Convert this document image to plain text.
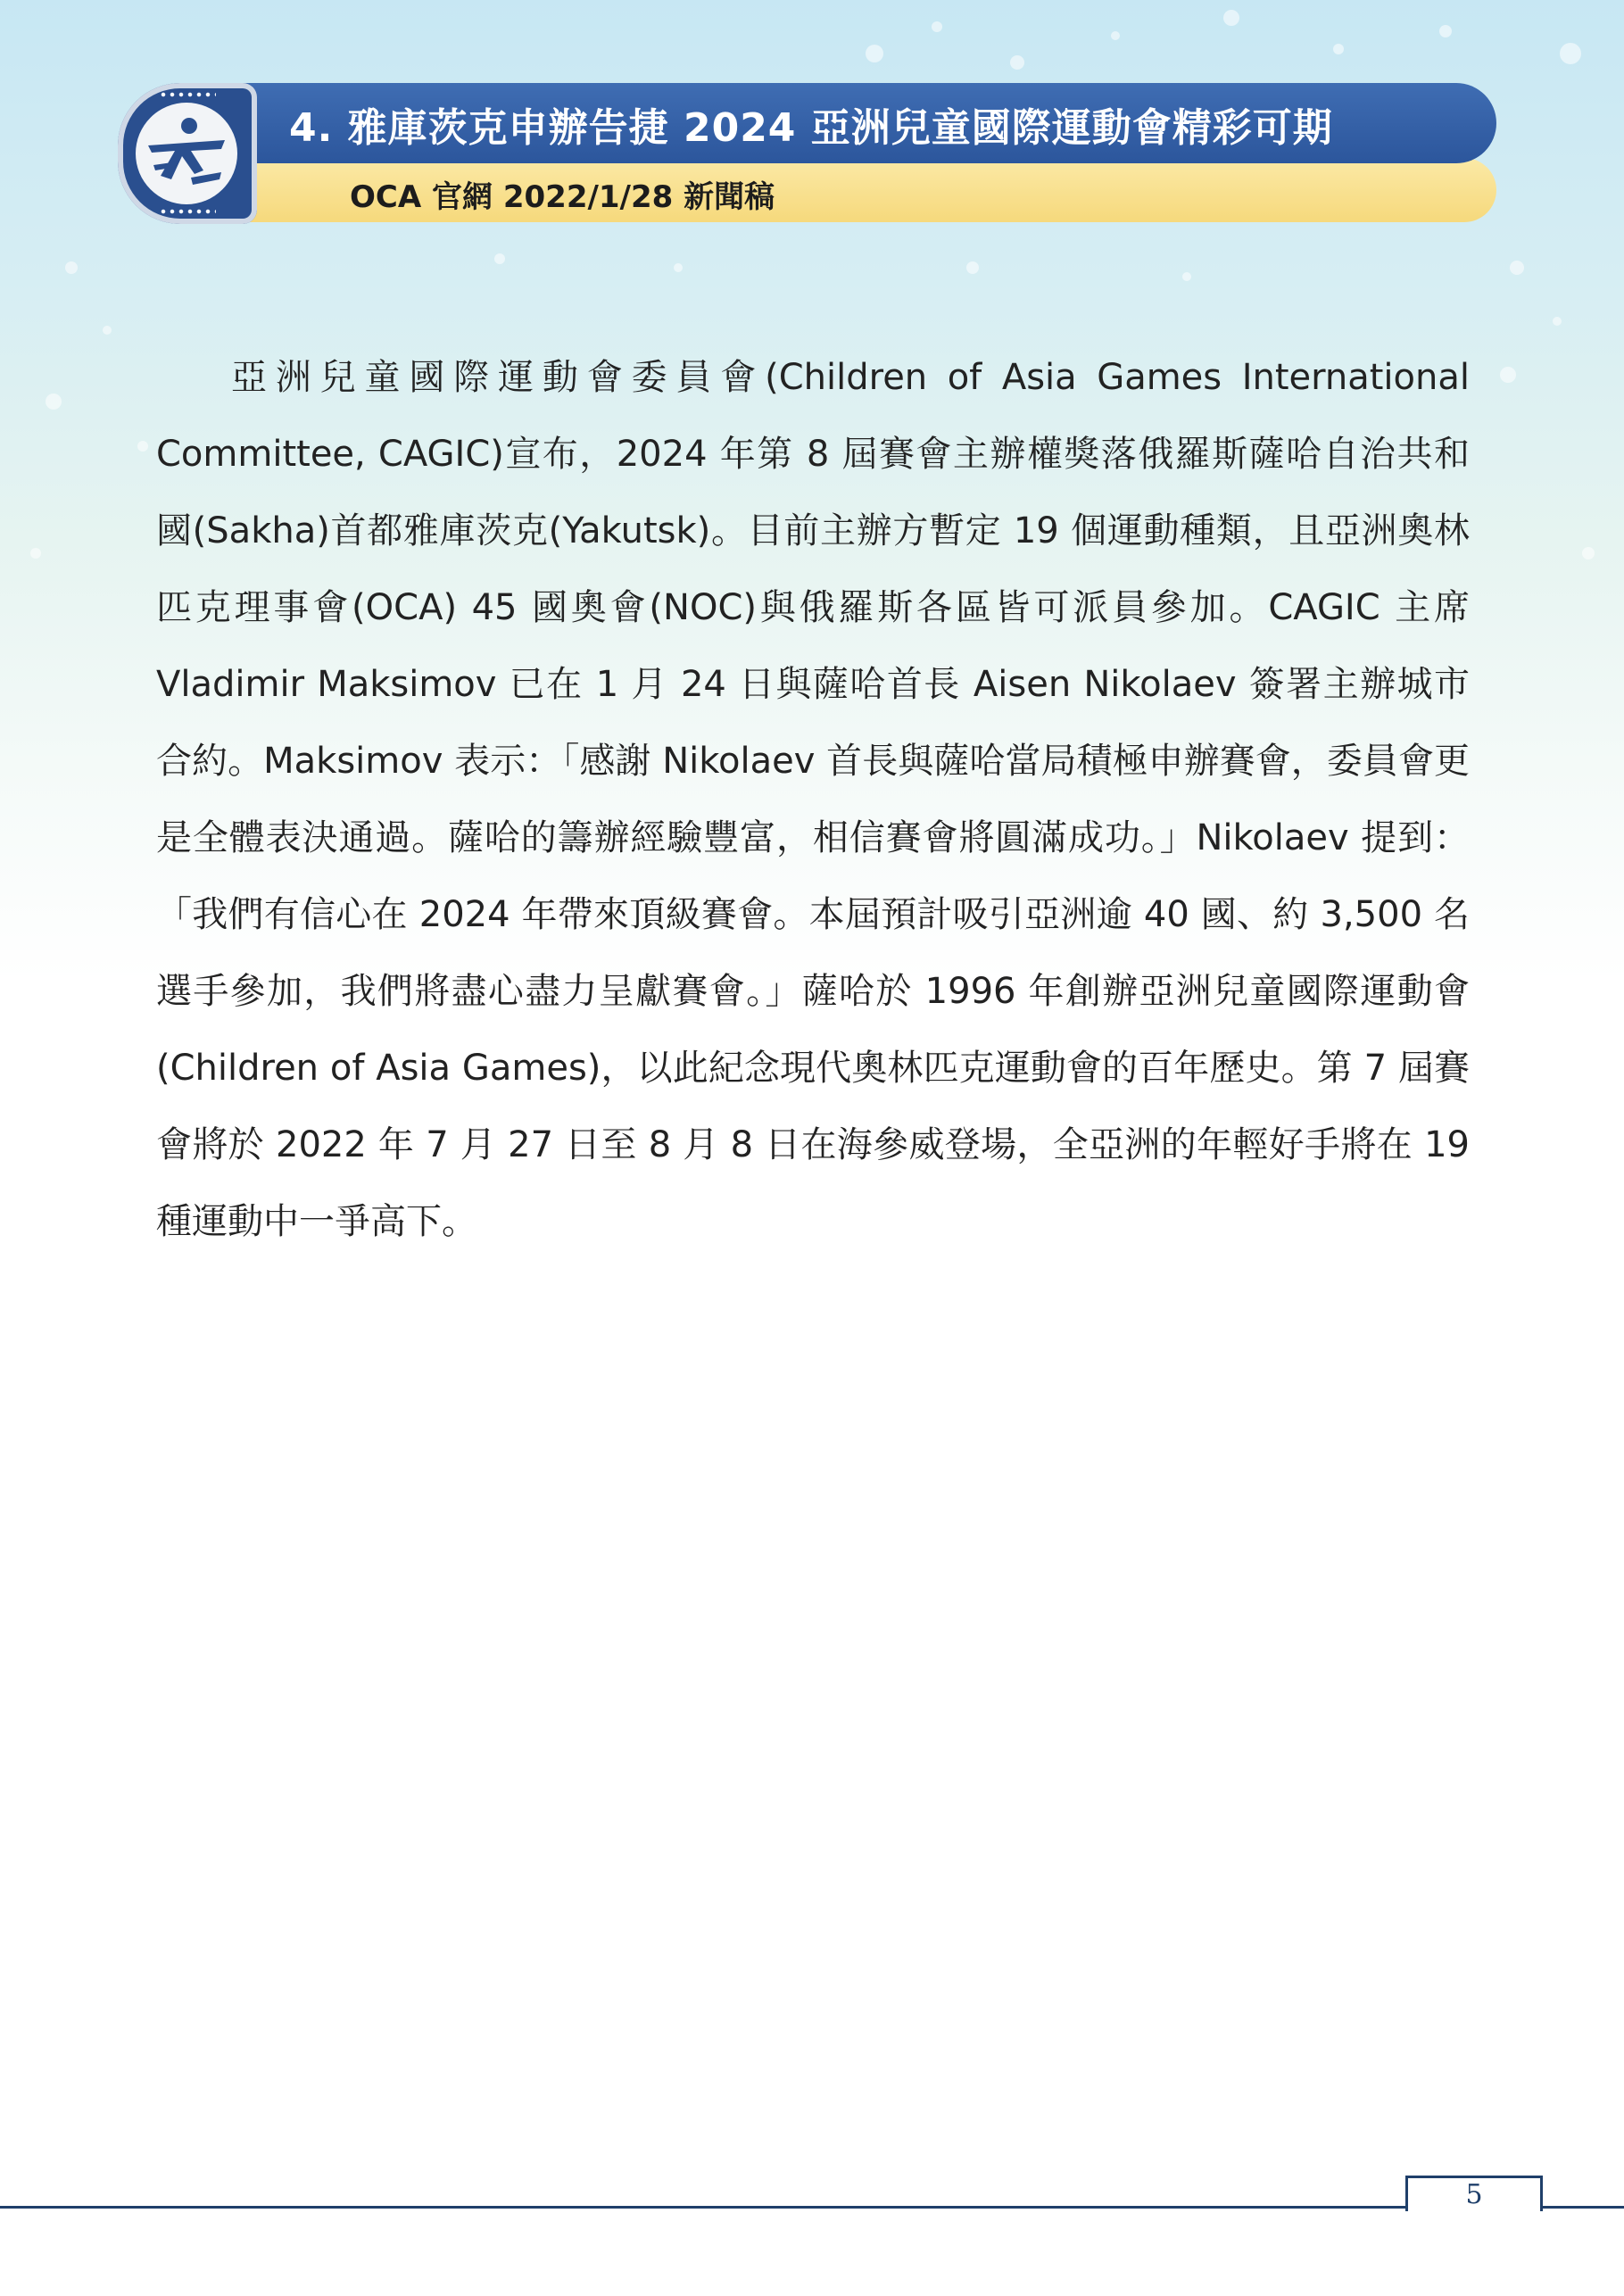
4. 雅庫茨克申辦告捷 2024 亞洲兒童國際運動會精彩可期
OCA 官網 2022/1/28 新聞稿

亞洲兒童國際運動會委員會(Children of Asia Games International Committee, CAGIC)宣布，2024 年第 8 屆賽會主辦權獎落俄羅斯薩哈自治共和國(Sakha)首都雅庫茨克(Yakutsk)。目前主辦方暫定 19 個運動種類，且亞洲奧林匹克理事會(OCA) 45 國奧會(NOC)與俄羅斯各區皆可派員參加。CAGIC 主席 Vladimir Maksimov 已在 1 月 24 日與薩哈首長 Aisen Nikolaev 簽署主辦城市合約。Maksimov 表示：「感謝 Nikolaev 首長與薩哈當局積極申辦賽會，委員會更是全體表決通過。薩哈的籌辦經驗豐富，相信賽會將圓滿成功。」Nikolaev 提到：「我們有信心在 2024 年帶來頂級賽會。本屆預計吸引亞洲逾 40 國、約 3,500 名選手參加，我們將盡心盡力呈獻賽會。」薩哈於 1996 年創辦亞洲兒童國際運動會(Children of Asia Games)，以此紀念現代奧林匹克運動會的百年歷史。第 7 屆賽會將於 2022 年 7 月 27 日至 8 月 8 日在海參威登場，全亞洲的年輕好手將在 19 種運動中一爭高下。

5
